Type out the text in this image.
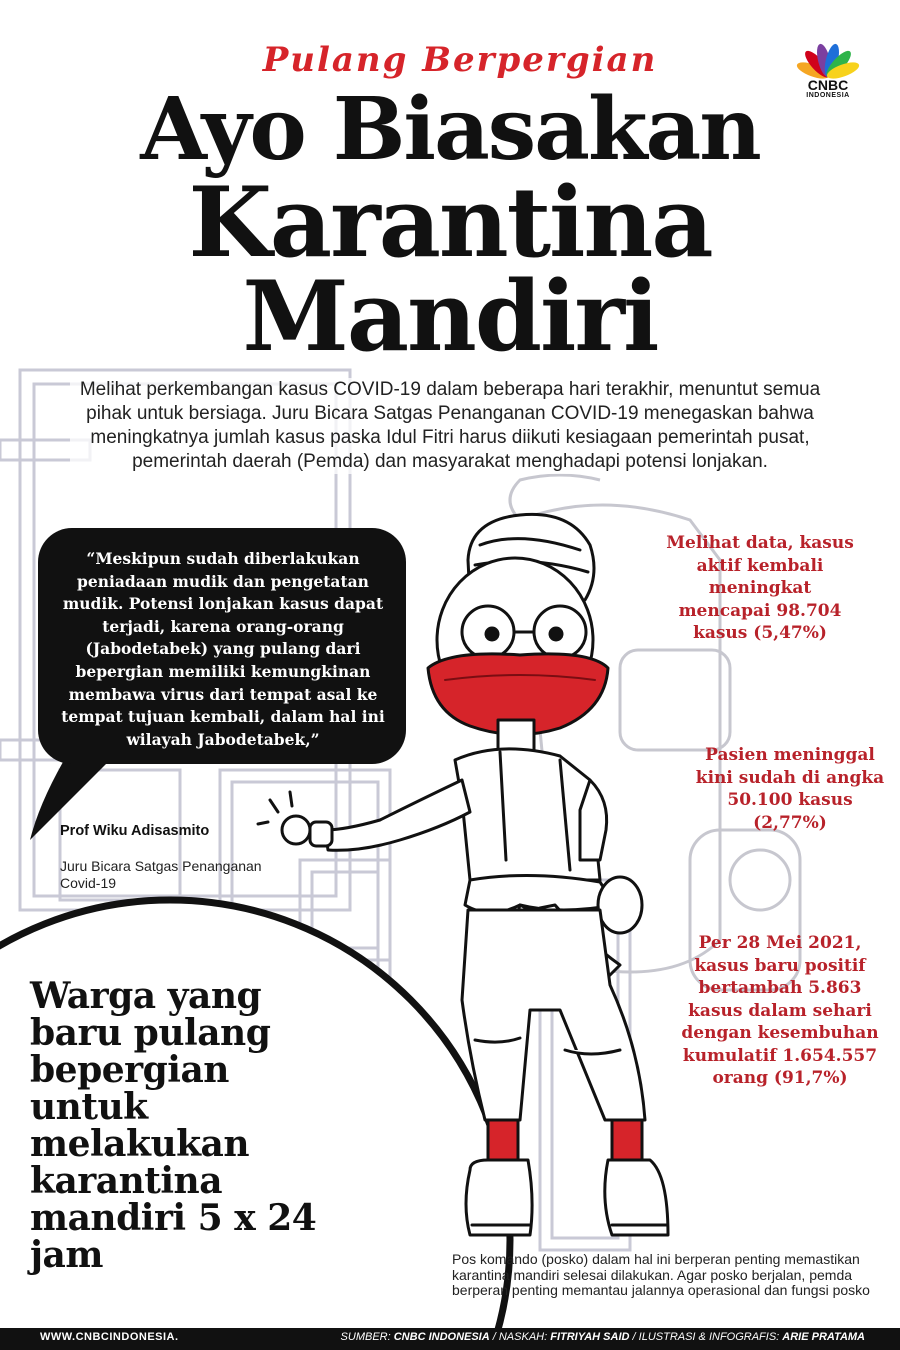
Pulang Berpergian
Ayo Biasakan
Karantina
Mandiri
CNBC
INDONESIA
Melihat perkembangan kasus COVID-19 dalam beberapa hari terakhir, menuntut semua pihak untuk bersiaga. Juru Bicara Satgas Penanganan COVID-19 menegaskan bahwa meningkatnya jumlah kasus paska Idul Fitri harus diikuti kesiagaan pemerintah pusat, pemerintah daerah (Pemda) dan masyarakat menghadapi potensi lonjakan.
“Meskipun sudah diberlakukan peniadaan mudik dan pengetatan mudik. Potensi lonjakan kasus dapat terjadi, karena orang-orang (Jabodetabek) yang pulang dari bepergian memiliki kemungkinan membawa virus dari tempat asal ke tempat tujuan kembali, dalam hal ini wilayah Jabodetabek,”
Prof Wiku Adisasmito
Juru Bicara Satgas Penanganan Covid-19
Melihat data, kasus aktif kembali meningkat mencapai 98.704 kasus (5,47%)
Pasien meninggal kini sudah di angka 50.100 kasus (2,77%)
Per 28 Mei 2021, kasus baru positif bertambah 5.863 kasus dalam sehari dengan kesembuhan kumulatif 1.654.557 orang (91,7%)
Warga yang baru pulang bepergian untuk melakukan karantina mandiri 5 x 24 jam	Pos komando (posko) dalam hal ini berperan penting memastikan karantina mandiri selesai dilakukan. Agar posko berjalan, pemda berperan penting memantau jalannya operasional dan fungsi posko
WWW.CNBCINDONESIA.	SUMBER: CNBC INDONESIA / NASKAH: FITRIYAH SAID / ILUSTRASI & INFOGRAFIS: ARIE PRATAMA
